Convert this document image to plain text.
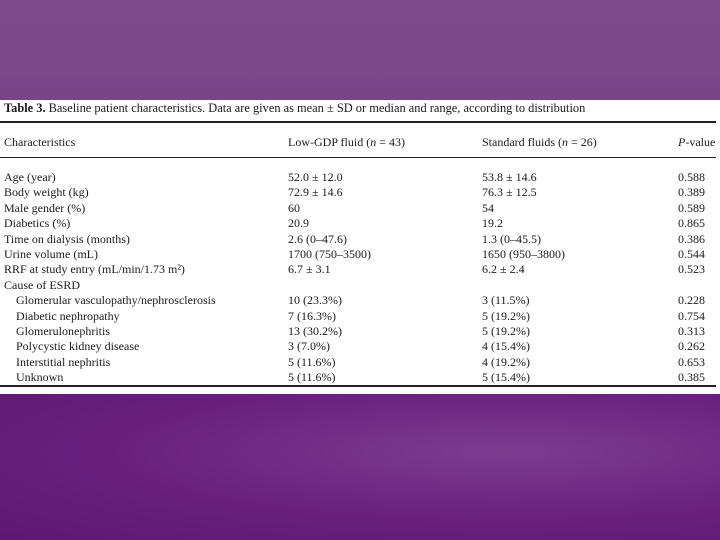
Table 3. Baseline patient characteristics. Data are given as mean ± SD or median and range, according to distribution
Characteristics	Low-GDP fluid (n = 43)	Standard fluids (n = 26)	P-value
Age (year)	52.0 ± 12.0	53.8 ± 14.6	0.588
Body weight (kg)	72.9 ± 14.6	76.3 ± 12.5	0.389
Male gender (%)	60	54	0.589
Diabetics (%)	20.9	19.2	0.865
Time on dialysis (months)	2.6 (0–47.6)	1.3 (0–45.5)	0.386
Urine volume (mL)	1700 (750–3500)	1650 (950–3800)	0.544
RRF at study entry (mL/min/1.73 m²)	6.7 ± 3.1	6.2 ± 2.4	0.523
Cause of ESRD
Glomerular vasculopathy/nephrosclerosis	10 (23.3%)	3 (11.5%)	0.228
Diabetic nephropathy	7 (16.3%)	5 (19.2%)	0.754
Glomerulonephritis	13 (30.2%)	5 (19.2%)	0.313
Polycystic kidney disease	3 (7.0%)	4 (15.4%)	0.262
Interstitial nephritis	5 (11.6%)	4 (19.2%)	0.653
Unknown	5 (11.6%)	5 (15.4%)	0.385
